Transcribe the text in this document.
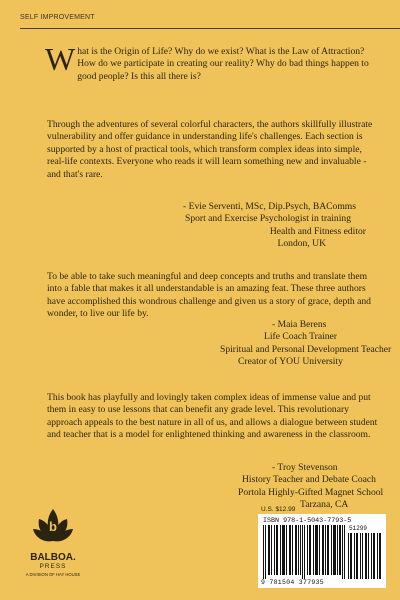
SELF IMPROVEMENT
What is the Origin of Life? Why do we exist? What is the Law of Attraction? How do we participate in creating our reality? Why do bad things happen to good people? Is this all there is?
Through the adventures of several colorful characters, the authors skillfully illustrate vulnerability and offer guidance in understanding life's challenges. Each section is supported by a host of practical tools, which transform complex ideas into simple, real-life contexts. Everyone who reads it will learn something new and invaluable - and that's rare.
- Evie Serventi, MSc, Dip.Psych, BAComms
Sport and Exercise Psychologist in training
Health and Fitness editor
London, UK
To be able to take such meaningful and deep concepts and truths and translate them into a fable that makes it all understandable is an amazing feat. These three authors have accomplished this wondrous challenge and given us a story of grace, depth and wonder, to live our life by.
- Maia Berens
Life Coach Trainer
Spiritual and Personal Development Teacher
Creator of YOU University
This book has playfully and lovingly taken complex ideas of immense value and put them in easy to use lessons that can benefit any grade level. This revolutionary approach appeals to the best nature in all of us, and allows a dialogue between student and teacher that is a model for enlightened thinking and awareness in the classroom.
- Troy Stevenson
History Teacher and Debate Coach
Portola Highly-Gifted Magnet School
Tarzana, CA
b
BALBOA.
PRESS
A DIVISION OF HAY HOUSE
U.S. $12.99
ISBN 978-1-5043-7793-5
51299
9 781504 377935
